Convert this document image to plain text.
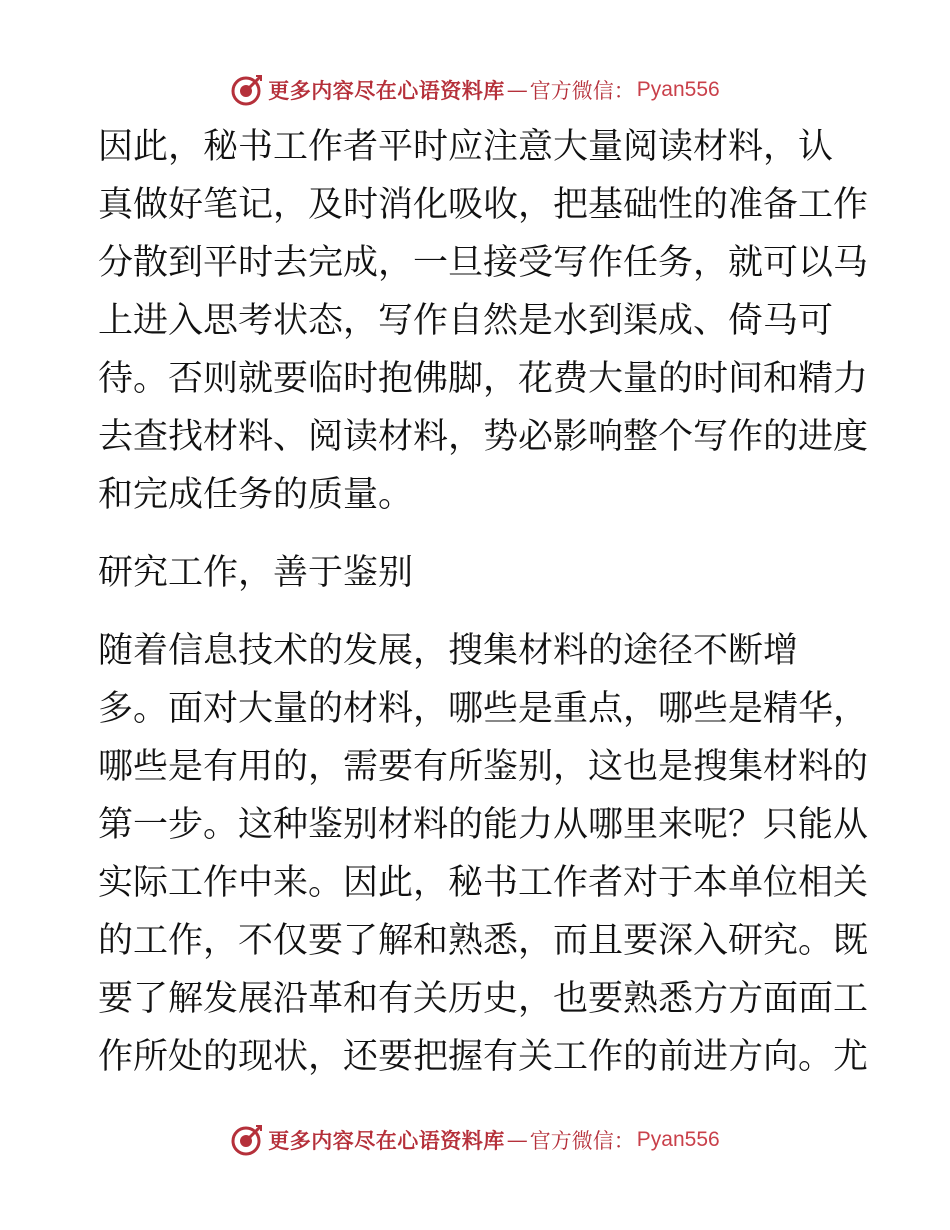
更多内容尽在心语资料库 — 官方微信： Pyan556
因此，秘书工作者平时应注意大量阅读材料，认
真做好笔记，及时消化吸收，把基础性的准备工作
分散到平时去完成，一旦接受写作任务，就可以马
上进入思考状态，写作自然是水到渠成、倚马可
待。否则就要临时抱佛脚，花费大量的时间和精力
去查找材料、阅读材料，势必影响整个写作的进度
和完成任务的质量。
研究工作，善于鉴别
随着信息技术的发展，搜集材料的途径不断增
多。面对大量的材料，哪些是重点，哪些是精华，
哪些是有用的，需要有所鉴别，这也是搜集材料的
第一步。这种鉴别材料的能力从哪里来呢？只能从
实际工作中来。因此，秘书工作者对于本单位相关
的工作，不仅要了解和熟悉，而且要深入研究。既
要了解发展沿革和有关历史，也要熟悉方方面面工
作所处的现状，还要把握有关工作的前进方向。尤
更多内容尽在心语资料库 — 官方微信： Pyan556
